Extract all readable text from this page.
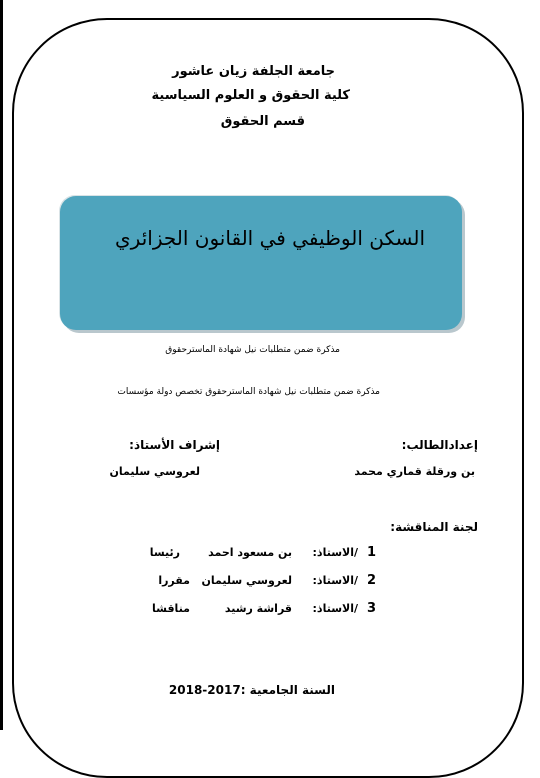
جامعة الجلفة زيان عاشور
كلية الحقوق و العلوم السياسية
قسم الحقوق
السكن الوظيفي في القانون الجزائري
مذكرة ضمن متطلبات نيل شهادة الماسترحقوق
مذكرة ضمن متطلبات نيل شهادة الماسترحقوق تخصص دولة مؤسسات
إعدادالطالب:
إشراف الأستاذ:
بن ورقلة قماري محمد
لعروسي سليمان
لجنة المناقشة:
1
/الاستاذ:
بن مسعود احمد
رئيسا
2
/الاستاذ:
لعروسي سليمان
مقررا
3
/الاستاذ:
قراشة رشيد
مناقشا
السنة الجامعية :2017-2018
